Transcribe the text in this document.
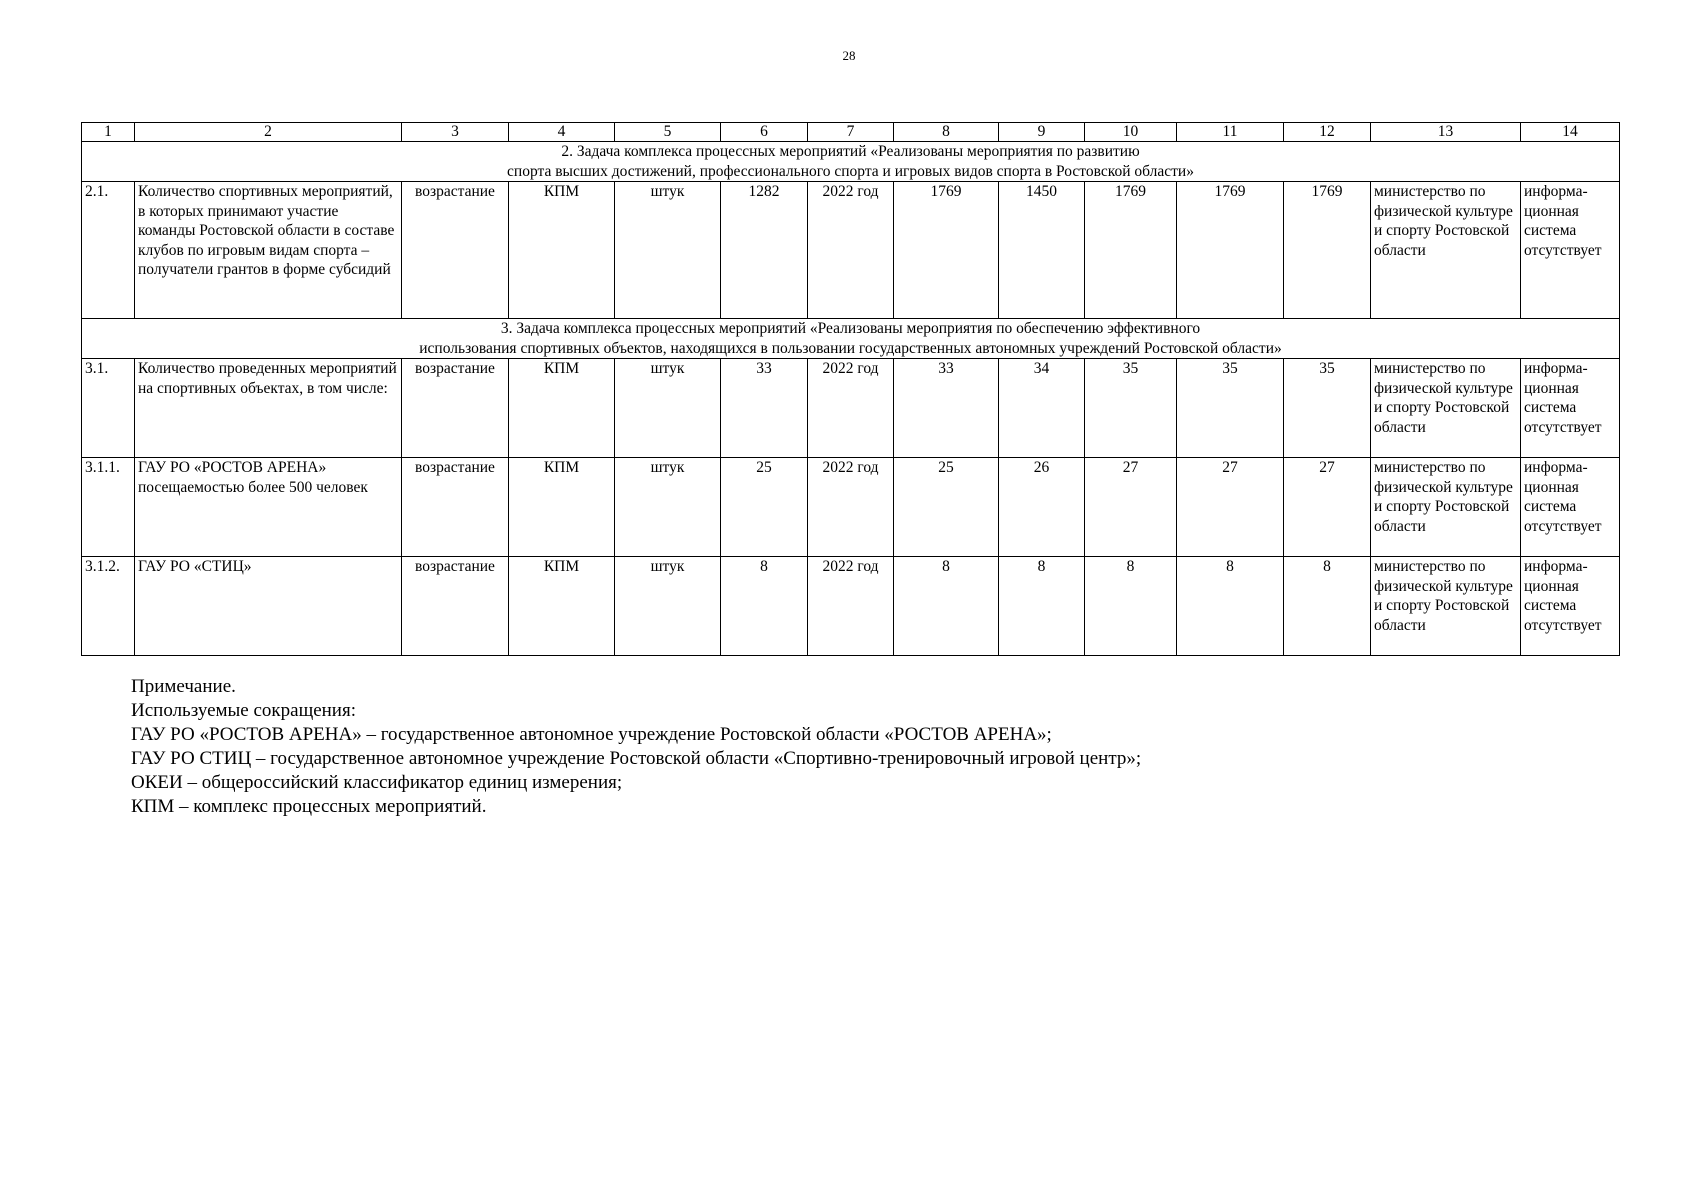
28
1	2	3	4	5	6	7	8	9	10	11	12	13	14

2. Задача комплекса процессных мероприятий «Реализованы мероприятия по развитию
спорта высших достижений, профессионального спорта и игровых видов спорта в Ростовской области»													

2.1.	Количество спортивных мероприятий, в которых принимают участие команды Ростовской области в составе клубов по игровым видам спорта – получатели грантов в форме субсидий	возрастание	КПМ	штук	1282	2022 год	1769	1450	1769	1769	1769	министерство по физической культуре и спорту Ростовской области	информа-ционная система отсутствует

3. Задача комплекса процессных мероприятий «Реализованы мероприятия по обеспечению эффективного
использования спортивных объектов, находящихся в пользовании государственных автономных учреждений Ростовской области»													

3.1.	Количество проведенных мероприятий на спортивных объектах, в том числе:	возрастание	КПМ	штук	33	2022 год	33	34	35	35	35	министерство по физической культуре и спорту Ростовской области	информа-ционная система отсутствует
3.1.1.	ГАУ РО «РОСТОВ АРЕНА» посещаемостью более 500 человек	возрастание	КПМ	штук	25	2022 год	25	26	27	27	27	министерство по физической культуре и спорту Ростовской области	информа-ционная система отсутствует
3.1.2.	ГАУ РО «СТИЦ»	возрастание	КПМ	штук	8	2022 год	8	8	8	8	8	министерство по физической культуре и спорту Ростовской области	информа-ционная система отсутствует
Примечание.
Используемые сокращения:
ГАУ РО «РОСТОВ АРЕНА» – государственное автономное учреждение Ростовской области «РОСТОВ АРЕНА»;
ГАУ РО СТИЦ – государственное автономное учреждение Ростовской области «Спортивно-тренировочный игровой центр»;
ОКЕИ – общероссийский классификатор единиц измерения;
КПМ – комплекс процессных мероприятий.
